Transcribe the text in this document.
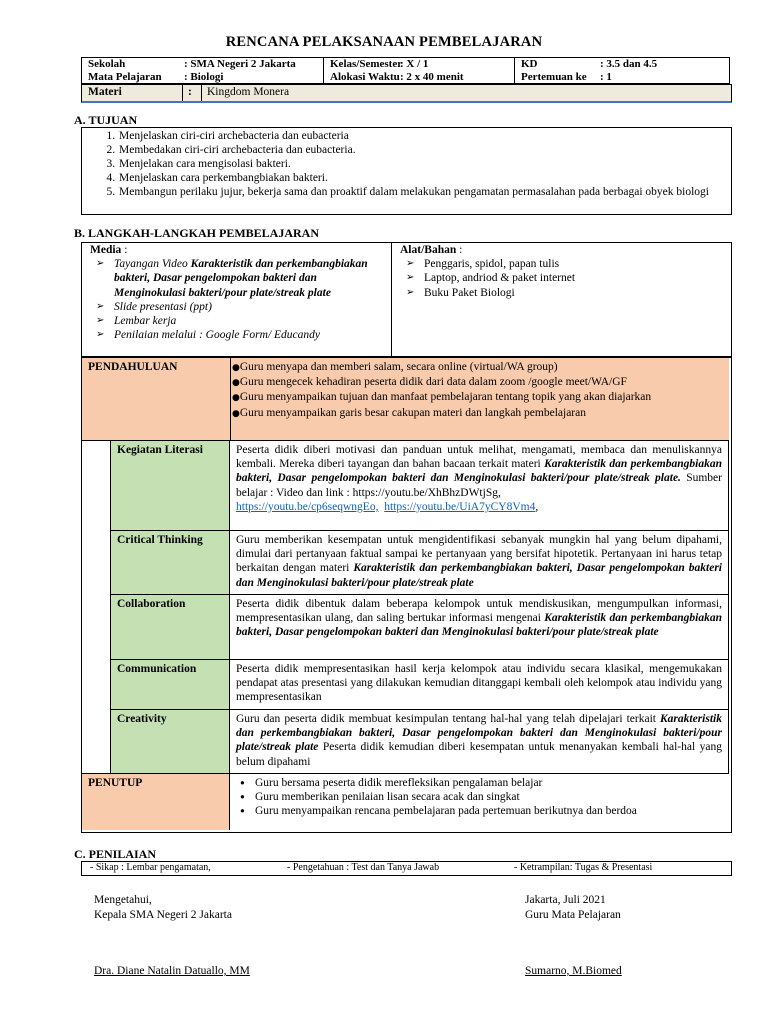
RENCANA PELAKSANAAN PEMBELAJARAN
Sekolah	: SMA Negeri 2 Jakarta
Mata Pelajaran : Biologi

Kelas/Semester: X / 1
Alokasi Waktu: 2 x 40 menit

KD	: 3.5 dan 4.5
Pertemuan ke : 1
Materi	: Kingdom Monera
A. TUJUAN
1. Menjelaskan ciri-ciri archebacteria dan eubacteria
2. Membedakan ciri-ciri archebacteria dan eubacteria.
3. Menjelakan cara mengisolasi bakteri.
4. Menjelaskan cara perkembangbiakan bakteri.
5. Membangun perilaku jujur, bekerja sama dan proaktif dalam melakukan pengamatan permasalahan pada berbagai obyek biologi
B. LANGKAH-LANGKAH PEMBELAJARAN
Media :
➢ Tayangan Video Karakteristik dan perkembangbiakan bakteri, Dasar pengelompokan bakteri dan Menginokulasi bakteri/pour plate/streak plate
➢ Slide presentasi (ppt)
➢ Lembar kerja
➢ Penilaian melalui : Google Form/ Educandy
Alat/Bahan :
➢ Penggaris, spidol, papan tulis
➢ Laptop, andriod & paket internet
➢ Buku Paket Biologi
PENDAHULUAN	●Guru menyapa dan memberi salam, secara online (virtual/WA group)
●Guru mengecek kehadiran peserta didik dari data dalam zoom /google meet/WA/GF
●Guru menyampaikan tujuan dan manfaat pembelajaran tentang topik yang akan diajarkan
●Guru menyampaikan garis besar cakupan materi dan langkah pembelajaran
Kegiatan Literasi	Peserta didik diberi motivasi dan panduan untuk melihat, mengamati, membaca dan menuliskannya kembali. Mereka diberi tayangan dan bahan bacaan terkait materi Karakteristik dan perkembangbiakan bakteri, Dasar pengelompokan bakteri dan Menginokulasi bakteri/pour plate/streak plate. Sumber belajar : Video dan link : https://youtu.be/XhBhzDWtjSg,
https://youtu.be/cp6seqwngEo, https://youtu.be/UiA7yCY8Vm4,
Critical Thinking	Guru memberikan kesempatan untuk mengidentifikasi sebanyak mungkin hal yang belum dipahami, dimulai dari pertanyaan faktual sampai ke pertanyaan yang bersifat hipotetik. Pertanyaan ini harus tetap berkaitan dengan materi Karakteristik dan perkembangbiakan bakteri, Dasar pengelompokan bakteri dan Menginokulasi bakteri/pour plate/streak plate
Collaboration	Peserta didik dibentuk dalam beberapa kelompok untuk mendiskusikan, mengumpulkan informasi, mempresentasikan ulang, dan saling bertukar informasi mengenai Karakteristik dan perkembangbiakan bakteri, Dasar pengelompokan bakteri dan Menginokulasi bakteri/pour plate/streak plate
Communication	Peserta didik mempresentasikan hasil kerja kelompok atau individu secara klasikal, mengemukakan pendapat atas presentasi yang dilakukan kemudian ditanggapi kembali oleh kelompok atau individu yang mempresentasikan
Creativity	Guru dan peserta didik membuat kesimpulan tentang hal-hal yang telah dipelajari terkait Karakteristik dan perkembangbiakan bakteri, Dasar pengelompokan bakteri dan Menginokulasi bakteri/pour plate/streak plate Peserta didik kemudian diberi kesempatan untuk menanyakan kembali hal-hal yang belum dipahami
PENUTUP
•	Guru bersama peserta didik merefleksikan pengalaman belajar
• Guru memberikan penilaian lisan secara acak dan singkat
• Guru menyampaikan rencana pembelajaran pada pertemuan berikutnya dan berdoa
C. PENILAIAN
- Sikap : Lembar pengamatan,	- Pengetahuan : Test dan Tanya Jawab	- Ketrampilan: Tugas & Presentasi
Mengetahui,
Kepala SMA Negeri 2 Jakarta
Dra. Diane Natalin Datuallo, MM
Jakarta, Juli 2021
Guru Mata Pelajaran
Sumarno, M.Biomed
